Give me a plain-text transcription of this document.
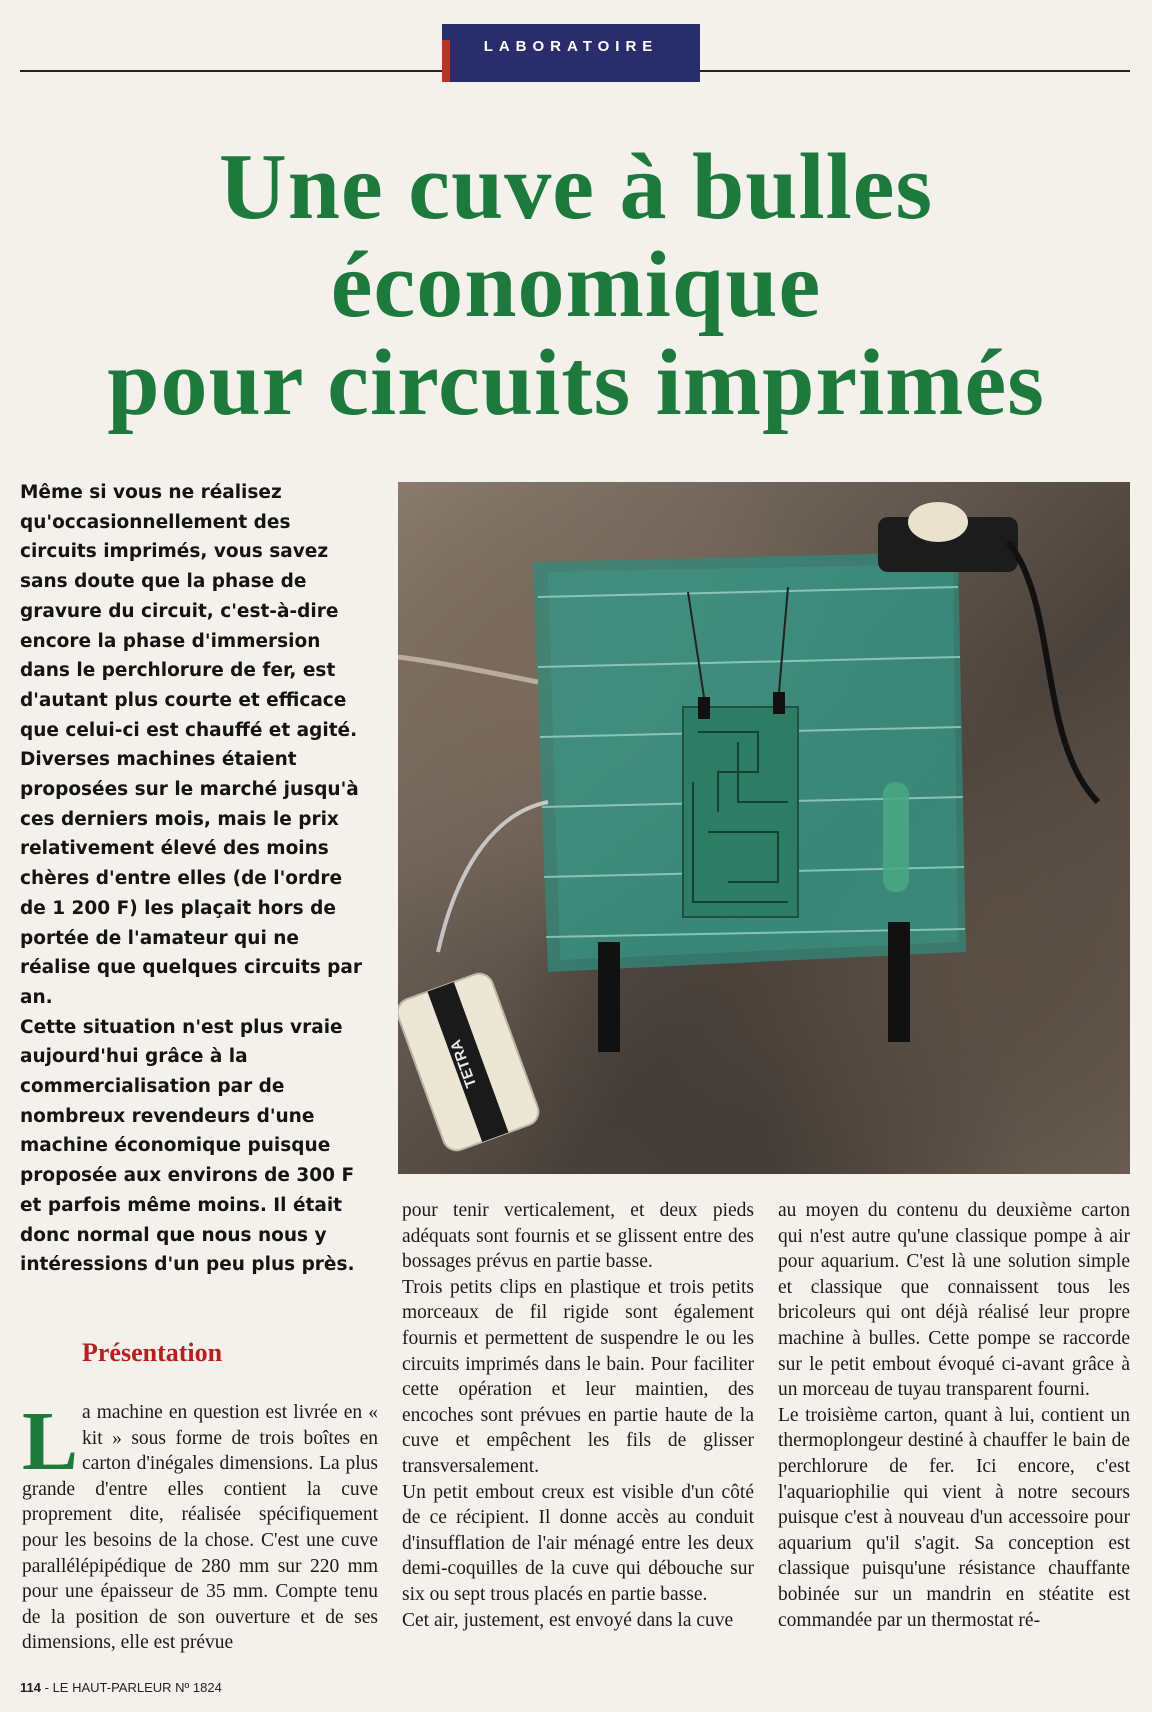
LABORATOIRE
Une cuve à bulles
économique
pour circuits imprimés

Même si vous ne réalisez qu'occasionnellement des circuits imprimés, vous savez sans doute que la phase de gravure du circuit, c'est-à-dire encore la phase d'immersion dans le perchlorure de fer, est d'autant plus courte et efficace que celui-ci est chauffé et agité.

Diverses machines étaient proposées sur le marché jusqu'à ces derniers mois, mais le prix relativement élevé des moins chères d'entre elles (de l'ordre de 1 200 F) les plaçait hors de portée de l'amateur qui ne réalise que quelques circuits par an.

Cette situation n'est plus vraie aujourd'hui grâce à la commercialisation par de nombreux revendeurs d'une machine économique puisque proposée aux environs de 300 F et parfois même moins. Il était donc normal que nous nous y intéressions d'un peu plus près.

TETRA
Présentation

La machine en question est livrée en « kit » sous forme de trois boîtes en carton d'inégales dimensions. La plus grande d'entre elles contient la cuve proprement dite, réalisée spécifiquement pour les besoins de la chose. C'est une cuve parallélépipédique de 280 mm sur 220 mm pour une épaisseur de 35 mm. Compte tenu de la position de son ouverture et de ses dimensions, elle est prévue

pour tenir verticalement, et deux pieds adéquats sont fournis et se glissent entre des bossages prévus en partie basse.

Trois petits clips en plastique et trois petits morceaux de fil rigide sont également fournis et permettent de suspendre le ou les circuits imprimés dans le bain. Pour faciliter cette opération et leur maintien, des encoches sont prévues en partie haute de la cuve et empêchent les fils de glisser transversalement.

Un petit embout creux est visible d'un côté de ce récipient. Il donne accès au conduit d'insufflation de l'air ménagé entre les deux demi-coquilles de la cuve qui débouche sur six ou sept trous placés en partie basse.

Cet air, justement, est envoyé dans la cuve

au moyen du contenu du deuxième carton qui n'est autre qu'une classique pompe à air pour aquarium. C'est là une solution simple et classique que connaissent tous les bricoleurs qui ont déjà réalisé leur propre machine à bulles. Cette pompe se raccorde sur le petit embout évoqué ci-avant grâce à un morceau de tuyau transparent fourni.

Le troisième carton, quant à lui, contient un thermoplongeur destiné à chauffer le bain de perchlorure de fer. Ici encore, c'est l'aquariophilie qui vient à notre secours puisque c'est à nouveau d'un accessoire pour aquarium qu'il s'agit. Sa conception est classique puisqu'une résistance chauffante bobinée sur un mandrin en stéatite est commandée par un thermostat ré-

114 - LE HAUT-PARLEUR Nº 1824
